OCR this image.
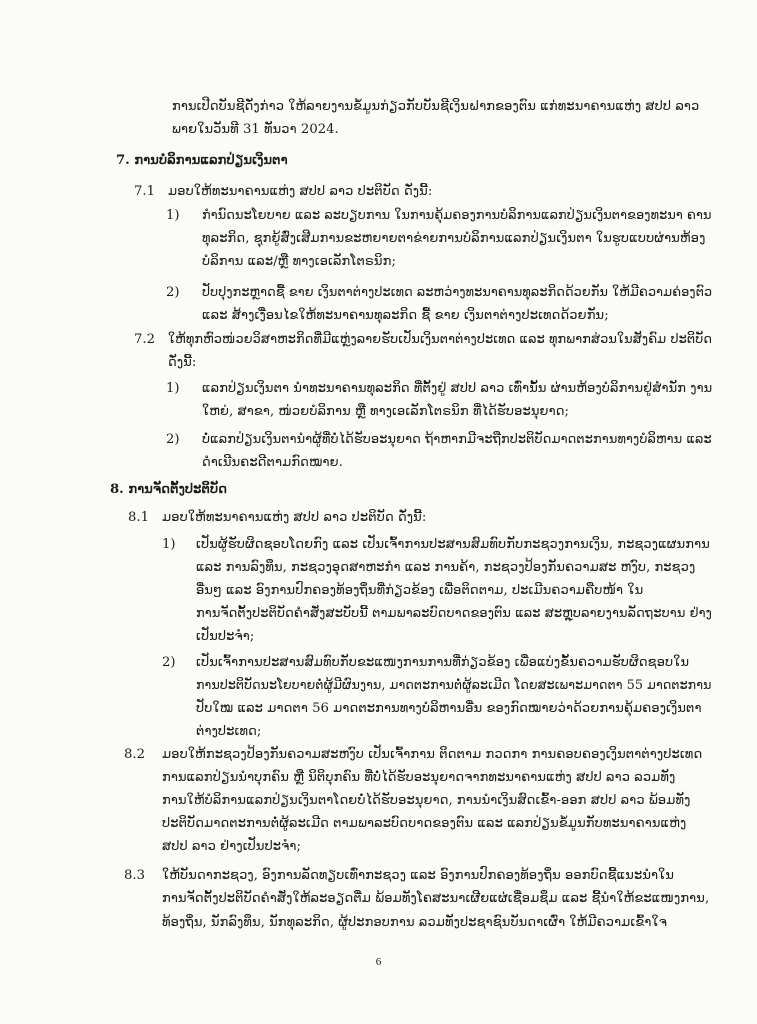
ການເປີດບັນຊີດັ່ງກ່າວ ໃຫ້ລາຍງານຂໍ້ມູນກ່ຽວກັບບັນຊີເງິນຝາກຂອງຕົນ ແກ່ທະນາຄານແຫ່ງ ສປປ ລາວ
ພາຍໃນວັນທີ 31 ທັນວາ 2024.
7. ການບໍລິການແລກປ່ຽນເງິນຕາ
7.1 ມອບໃຫ້ທະນາຄານແຫ່ງ ສປປ ລາວ ປະຕິບັດ ດັ່ງນີ້:
1) ກຳນົດນະໂຍບາຍ ແລະ ລະບຽບການ ໃນການຄຸ້ມຄອງການບໍລິການແລກປ່ຽນເງິນຕາຂອງທະນາ ຄານ
ທຸລະກິດ, ຊຸກຍູ້ສົ່ງເສີມການຂະຫຍາຍຕາຂ່າຍການບໍລິການແລກປ່ຽນເງິນຕາ ໃນຮູບແບບຜ່ານຫ້ອງ
ບໍລິການ ແລະ/ຫຼື ທາງເອເລັກໂຕຣນິກ;
2) ປັບປຸງກະຫຼາດຊື້ ຂາຍ ເງິນຕາຕ່າງປະເທດ ລະຫວ່າງທະນາຄານທຸລະກິດດ້ວຍກັນ ໃຫ້ມີຄວາມຄ່ອງຕົວ
ແລະ ສ້າງເງື່ອນໄຂໃຫ້ທະນາຄານທຸລະກິດ ຊື້ ຂາຍ ເງິນຕາຕ່າງປະເທດດ້ວຍກັນ;
7.2 ໃຫ້ທຸກຫົວໜ່ວຍວິສາຫະກິດທີ່ມີແຫຼ່ງລາຍຮັບເປັນເງິນຕາຕ່າງປະເທດ ແລະ ທຸກພາກສ່ວນໃນສັງຄົມ ປະຕິບັດ
ດັ່ງນີ້:
1) ແລກປ່ຽນເງິນຕາ ນຳທະນາຄານທຸລະກິດ ທີ່ຕັ້ງຢູ່ ສປປ ລາວ ເທົ່ານັ້ນ ຜ່ານຫ້ອງບໍລິການຢູ່ສຳນັກ ງານ
ໃຫຍ່, ສາຂາ, ໜ່ວຍບໍລິການ ຫຼື ທາງເອເລັກໂຕຣນິກ ທີ່ໄດ້ຮັບອະນຸຍາດ;
2) ບໍ່ແລກປ່ຽນເງິນຕານຳຜູ້ທີ່ບໍ່ໄດ້ຮັບອະນຸຍາດ ຖ້າຫາກມີຈະຖືກປະຕິບັດມາດຕະການທາງບໍລິຫານ ແລະ
ດຳເນີນຄະດີຕາມກົດໝາຍ.
8. ການຈັດຕັ້ງປະຕິບັດ
8.1 ມອບໃຫ້ທະນາຄານແຫ່ງ ສປປ ລາວ ປະຕິບັດ ດັ່ງນີ້:
1) ເປັນຜູ້ຮັບຜິດຊອບໂດຍກົງ ແລະ ເປັນເຈົ້າການປະສານສົມທົບກັບກະຊວງການເງິນ, ກະຊວງແຜນການ
ແລະ ການລົງທຶນ, ກະຊວງອຸດສາຫະກຳ ແລະ ການຄ້າ, ກະຊວງປ້ອງກັນຄວາມສະ ຫງົບ, ກະຊວງ
ອື່ນໆ ແລະ ອົງການປົກຄອງທ້ອງຖິ່ນທີ່ກ່ຽວຂ້ອງ ເພື່ອຕິດຕາມ, ປະເມີນຄວາມຄືບໜ້າ ໃນ
ການຈັດຕັ້ງປະຕິບັດຄຳສັ່ງສະບັບນີ້ ຕາມພາລະບົດບາດຂອງຕົນ ແລະ ສະຫຼຸບລາຍງານລັດຖະບານ ຢ່າງ
ເປັນປະຈຳ;
2) ເປັນເຈົ້າການປະສານສົມທົບກັບຂະແໜງການການທີ່ກ່ຽວຂ້ອງ ເພື່ອແບ່ງຂັ້ນຄວາມຮັບຜິດຊອບໃນ
ການປະຕິບັດນະໂຍບາຍຕໍ່ຜູ້ມີຜົນງານ, ມາດຕະການຕໍ່ຜູ້ລະເມີດ ໂດຍສະເພາະມາດຕາ 55 ມາດຕະການ
ປັບໃໝ ແລະ ມາດຕາ 56 ມາດຕະການທາງບໍລິຫານອື່ນ ຂອງກົດໝາຍວ່າດ້ວຍການຄຸ້ມຄອງເງິນຕາ
ຕ່າງປະເທດ;
8.2 ມອບໃຫ້ກະຊວງປ້ອງກັນຄວາມສະຫງົບ ເປັນເຈົ້າການ ຕິດຕາມ ກວດກາ ການຄອບຄອງເງິນຕາຕ່າງປະເທດ
ການແລກປ່ຽນນຳບຸກຄົນ ຫຼື ນິຕິບຸກຄົນ ທີ່ບໍ່ໄດ້ຮັບອະນຸຍາດຈາກທະນາຄານແຫ່ງ ສປປ ລາວ ລວມທັງ
ການໃຫ້ບໍລິການແລກປ່ຽນເງິນຕາໂດຍບໍ່ໄດ້ຮັບອະນຸຍາດ, ການນຳເງິນສົດເຂົ້າ-ອອກ ສປປ ລາວ ພ້ອມທັງ
ປະຕິບັດມາດຕະການຕໍ່ຜູ້ລະເມີດ ຕາມພາລະບົດບາດຂອງຕົນ ແລະ ແລກປ່ຽນຂໍ້ມູນກັບທະນາຄານແຫ່ງ
ສປປ ລາວ ຢ່າງເປັນປະຈຳ;
8.3 ໃຫ້ບັນດາກະຊວງ, ອົງການລັດທຽບເທົ່າກະຊວງ ແລະ ອົງການປົກຄອງທ້ອງຖິ່ນ ອອກບົດຊີ້ແນະນຳໃນ
ການຈັດຕັ້ງປະຕິບັດຄຳສັ່ງໃຫ້ລະອຽດຕື່ມ ພ້ອມທັງໂຄສະນາເຜີຍແຜ່ເຊື່ອມຊຶມ ແລະ ຊີ້ນຳໃຫ້ຂະແໜງການ,
ທ້ອງຖິ່ນ, ນັກລົງທຶນ, ນັກທຸລະກິດ, ຜູ້ປະກອບການ ລວມທັງປະຊາຊົນບັນດາເຜົ່າ ໃຫ້ມີຄວາມເຂົ້າໃຈ
6
